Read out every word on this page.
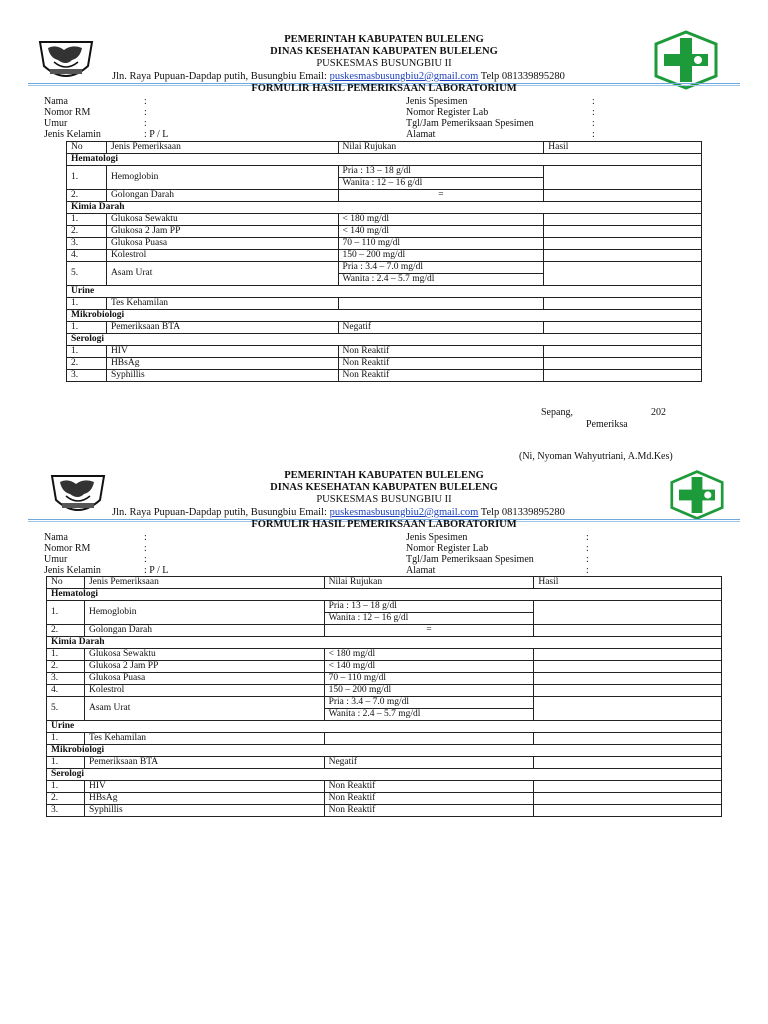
PEMERINTAH KABUPATEN BULELENG
DINAS KESEHATAN KABUPATEN BULELENG
PUSKESMAS BUSUNGBIU II
Jln. Raya Pupuan-Dapdap putih, Busungbiu Email: puskesmasbusungbiu2@gmail.com Telp 081339895280
FORMULIR HASIL PEMERIKSAAN LABORATORIUM
Nama	:
Nomor RM	:
Umur	:
Jenis Kelamin	: P / L
Jenis Spesimen	:
Nomor Register Lab	:
Tgl/Jam Pemeriksaan Spesimen	:
Alamat	:
No	Jenis Pemeriksaan	Nilai Rujukan	Hasil
Hematologi			
1.	Hemoglobin	Pria : 13 – 18 g/dl	
		Wanita : 12 – 16 g/dl	
2.	Golongan Darah	=	
Kimia Darah			
1.	Glukosa Sewaktu	< 180 mg/dl	
2.	Glukosa 2 Jam PP	< 140 mg/dl	
3.	Glukosa Puasa	70 – 110 mg/dl	
4.	Kolestrol	150 – 200 mg/dl	
5.	Asam Urat	Pria : 3.4 – 7.0 mg/dl	
		Wanita : 2.4 – 5.7 mg/dl	
Urine			
1.	Tes Kehamilan		
Mikrobiologi			
1.	Pemeriksaan BTA	Negatif	
Serologi			
1.	HIV	Non Reaktif	
2.	HBsAg	Non Reaktif	
3.	Syphillis	Non Reaktif	
Sepang,	202
Pemeriksa
(Ni, Nyoman Wahyutriani, A.Md.Kes)
PEMERINTAH KABUPATEN BULELENG
DINAS KESEHATAN KABUPATEN BULELENG
PUSKESMAS BUSUNGBIU II
Jln. Raya Pupuan-Dapdap putih, Busungbiu Email: puskesmasbusungbiu2@gmail.com Telp 081339895280
FORMULIR HASIL PEMERIKSAAN LABORATORIUM
Nama	:
Nomor RM	:
Umur	:
Jenis Kelamin	: P / L
Jenis Spesimen	:
Nomor Register Lab	:
Tgl/Jam Pemeriksaan Spesimen	:
Alamat	:
No	Jenis Pemeriksaan	Nilai Rujukan	Hasil
Hematologi			
1.	Hemoglobin	Pria : 13 – 18 g/dl	
		Wanita : 12 – 16 g/dl	
2.	Golongan Darah	=	
Kimia Darah			
1.	Glukosa Sewaktu	< 180 mg/dl	
2.	Glukosa 2 Jam PP	< 140 mg/dl	
3.	Glukosa Puasa	70 – 110 mg/dl	
4.	Kolestrol	150 – 200 mg/dl	
5.	Asam Urat	Pria : 3.4 – 7.0 mg/dl	
		Wanita : 2.4 – 5.7 mg/dl	
Urine			
1.	Tes Kehamilan		
Mikrobiologi			
1.	Pemeriksaan BTA	Negatif	
Serologi			
1.	HIV	Non Reaktif	
2.	HBsAg	Non Reaktif	
3.	Syphillis	Non Reaktif	
